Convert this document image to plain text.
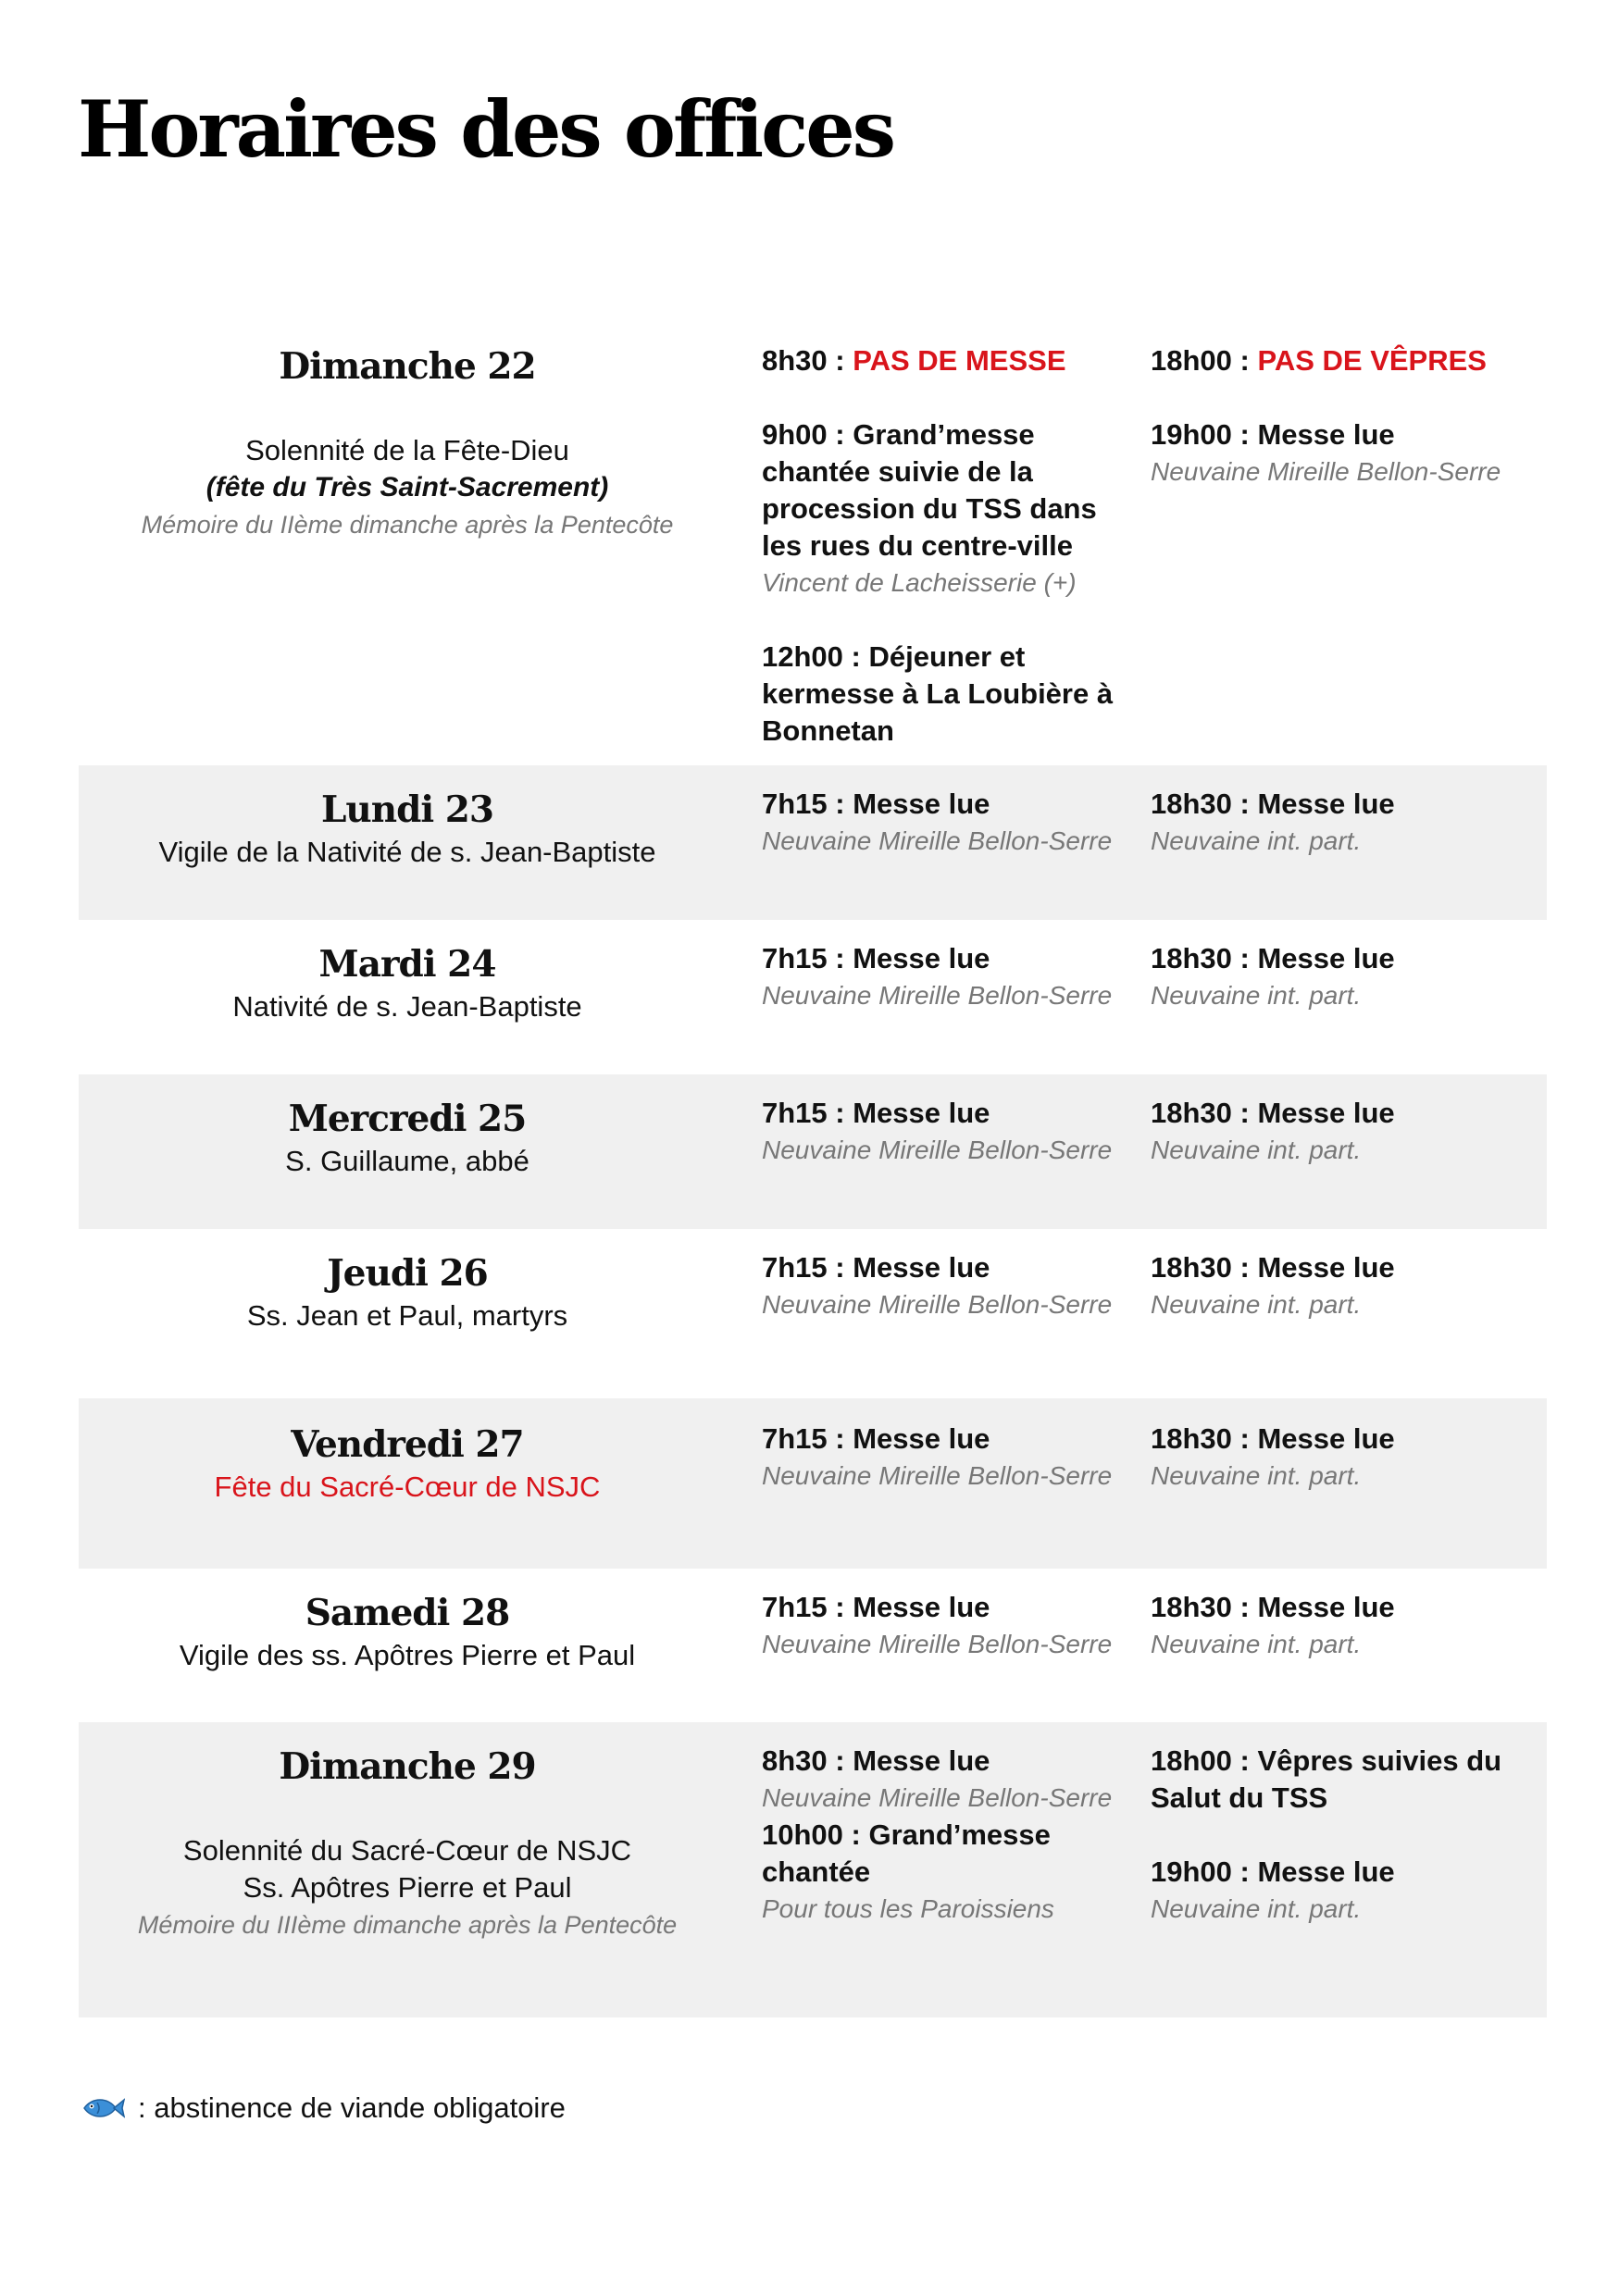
Horaires des offices
Dimanche 22
Solennité de la Fête-Dieu
(fête du Très Saint-Sacrement)
Mémoire du IIème dimanche après la Pentecôte
8h30 : PAS DE MESSE
9h00 : Grand’messe chantée suivie de la procession du TSS dans les rues du centre-ville
Vincent de Lacheisserie (+)
12h00 : Déjeuner et kermesse à La Loubière à Bonnetan
18h00 : PAS DE VÊPRES
19h00 : Messe lue
Neuvaine Mireille Bellon-Serre
Lundi 23
Vigile de la Nativité de s. Jean-Baptiste
7h15 : Messe lue
Neuvaine Mireille Bellon-Serre
18h30 : Messe lue
Neuvaine int. part.
Mardi 24
Nativité de s. Jean-Baptiste
7h15 : Messe lue
Neuvaine Mireille Bellon-Serre
18h30 : Messe lue
Neuvaine int. part.
Mercredi 25
S. Guillaume, abbé
7h15 : Messe lue
Neuvaine Mireille Bellon-Serre
18h30 : Messe lue
Neuvaine int. part.
Jeudi 26
Ss. Jean et Paul, martyrs
7h15 : Messe lue
Neuvaine Mireille Bellon-Serre
18h30 : Messe lue
Neuvaine int. part.
Vendredi 27
Fête du Sacré-Cœur de NSJC
7h15 : Messe lue
Neuvaine Mireille Bellon-Serre
18h30 : Messe lue
Neuvaine int. part.
Samedi 28
Vigile des ss. Apôtres Pierre et Paul
7h15 : Messe lue
Neuvaine Mireille Bellon-Serre
18h30 : Messe lue
Neuvaine int. part.
Dimanche 29
Solennité du Sacré-Cœur de NSJC
Ss. Apôtres Pierre et Paul
Mémoire du IIIème dimanche après la Pentecôte
8h30 : Messe lue
Neuvaine Mireille Bellon-Serre
10h00 : Grand’messe chantée
Pour tous les Paroissiens
18h00 : Vêpres suivies du Salut du TSS
19h00 : Messe lue
Neuvaine int. part.
: abstinence de viande obligatoire
